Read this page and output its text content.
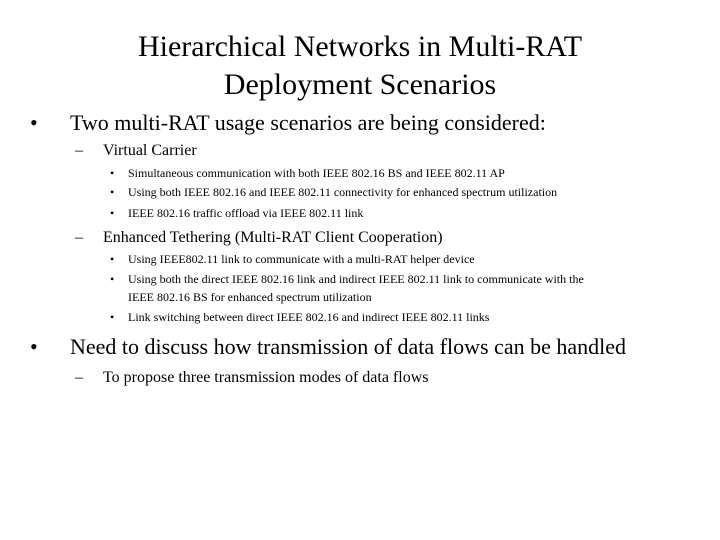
Hierarchical Networks in Multi-RAT
Deployment Scenarios
• Two multi-RAT usage scenarios are being considered:
– Virtual Carrier
• Simultaneous communication with both IEEE 802.16 BS and IEEE 802.11 AP
• Using both IEEE 802.16 and IEEE 802.11 connectivity for enhanced spectrum utilization
• IEEE 802.16 traffic offload via IEEE 802.11 link
– Enhanced Tethering (Multi-RAT Client Cooperation)
• Using IEEE802.11 link to communicate with a multi-RAT helper device
• Using both the direct IEEE 802.16 link and indirect IEEE 802.11 link to communicate with the
IEEE 802.16 BS for enhanced spectrum utilization
• Link switching between direct IEEE 802.16 and indirect IEEE 802.11 links
• Need to discuss how transmission of data flows can be handled
– To propose three transmission modes of data flows
